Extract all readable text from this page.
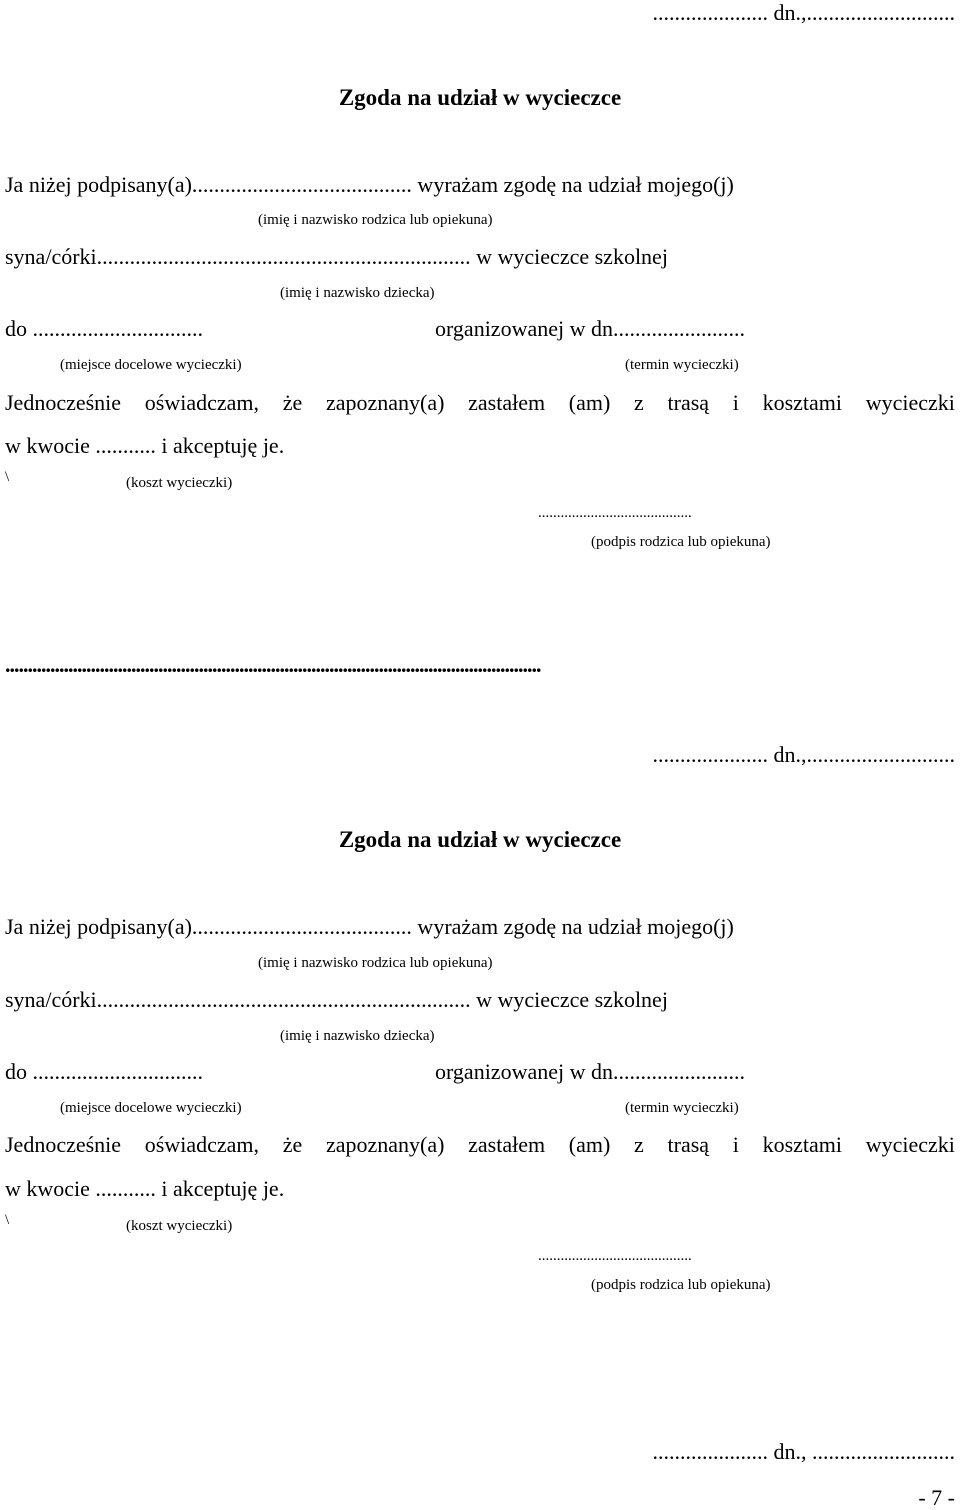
..................... dn.,...........................
Zgoda na udział w wycieczce
Ja niżej podpisany(a)........................................ wyrażam zgodę na udział mojego(j)
(imię i nazwisko rodzica lub opiekuna)
syna/córki.................................................................... w wycieczce szkolnej
(imię i nazwisko dziecka)
do ...............................	organizowanej w dn........................
(miejsce docelowe wycieczki)	(termin wycieczki)
Jednocześnie oświadczam, że zapoznany(a) zastałem (am) z trasą i kosztami wycieczki
w kwocie ........... i akceptuję je.
\	(koszt wycieczki)
.........................................
(podpis rodzica lub opiekuna)
.......................................................................................................................
..................... dn.,...........................
Zgoda na udział w wycieczce
Ja niżej podpisany(a)........................................ wyrażam zgodę na udział mojego(j)
(imię i nazwisko rodzica lub opiekuna)
syna/córki.................................................................... w wycieczce szkolnej
(imię i nazwisko dziecka)
do ...............................	organizowanej w dn........................
(miejsce docelowe wycieczki)	(termin wycieczki)
Jednocześnie oświadczam, że zapoznany(a) zastałem (am) z trasą i kosztami wycieczki
w kwocie ........... i akceptuję je.
\	(koszt wycieczki)
.........................................
(podpis rodzica lub opiekuna)
..................... dn., ..........................
- 7 -
